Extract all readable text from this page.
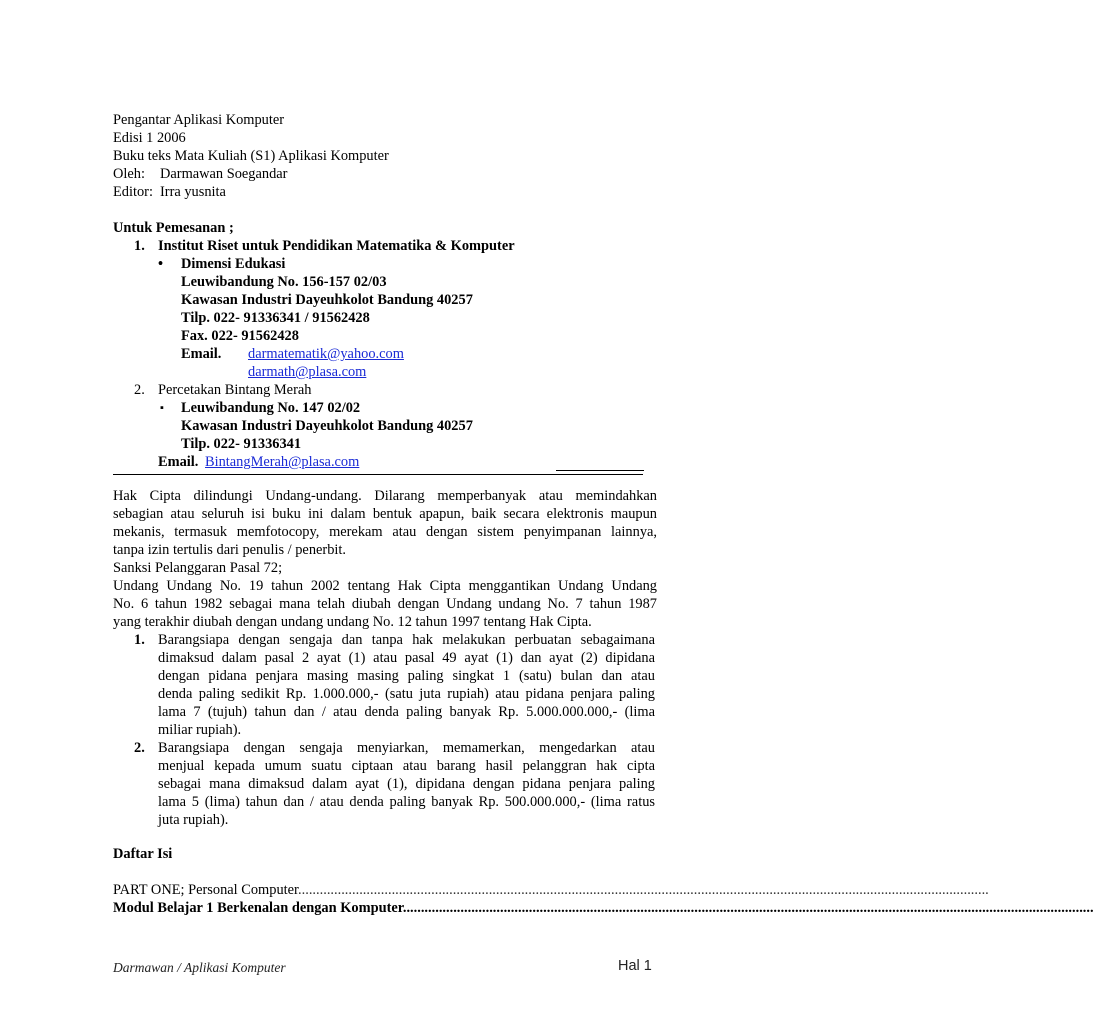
Pengantar Aplikasi Komputer
Edisi 1 2006
Buku teks Mata Kuliah (S1) Aplikasi Komputer
Oleh: Darmawan Soegandar
Editor: Irra yusnita
Untuk Pemesanan ;
1. Institut Riset untuk Pendidikan Matematika & Komputer
• Dimensi Edukasi
Leuwibandung No. 156-157 02/03
Kawasan Industri Dayeuhkolot Bandung 40257
Tilp. 022- 91336341 / 91562428
Fax. 022- 91562428
Email. darmatematik@yahoo.com
darmath@plasa.com
2. Percetakan Bintang Merah
▪ Leuwibandung No. 147 02/02
Kawasan Industri Dayeuhkolot Bandung 40257
Tilp. 022- 91336341
Email. BintangMerah@plasa.com
Hak Cipta dilindungi Undang-undang. Dilarang memperbanyak atau memindahkan
sebagian atau seluruh isi buku ini dalam bentuk apapun, baik secara elektronis maupun
mekanis, termasuk memfotocopy, merekam atau dengan sistem penyimpanan lainnya,
tanpa izin tertulis dari penulis / penerbit.
Sanksi Pelanggaran Pasal 72;
Undang Undang No. 19 tahun 2002 tentang Hak Cipta menggantikan Undang Undang
No. 6 tahun 1982 sebagai mana telah diubah dengan Undang undang No. 7 tahun 1987
yang terakhir diubah dengan undang undang No. 12 tahun 1997 tentang Hak Cipta.
1. Barangsiapa dengan sengaja dan tanpa hak melakukan perbuatan sebagaimana
dimaksud dalam pasal 2 ayat (1) atau pasal 49 ayat (1) dan ayat (2) dipidana
dengan pidana penjara masing masing paling singkat 1 (satu) bulan dan atau
denda paling sedikit Rp. 1.000.000,- (satu juta rupiah) atau pidana penjara paling
lama 7 (tujuh) tahun dan / atau denda paling banyak Rp. 5.000.000.000,- (lima
miliar rupiah).
2. Barangsiapa dengan sengaja menyiarkan, memamerkan, mengedarkan atau
menjual kepada umum suatu ciptaan atau barang hasil pelanggran hak cipta
sebagai mana dimaksud dalam ayat (1), dipidana dengan pidana penjara paling
lama 5 (lima) tahun dan / atau denda paling banyak Rp. 500.000.000,- (lima ratus
juta rupiah).
Daftar Isi
PART ONE; Personal Computer................................................................................................................................................................................................
Modul Belajar 1 Berkenalan dengan Komputer................................................................................................................................................................................................
Darmawan / Aplikasi Komputer	Hal 1
